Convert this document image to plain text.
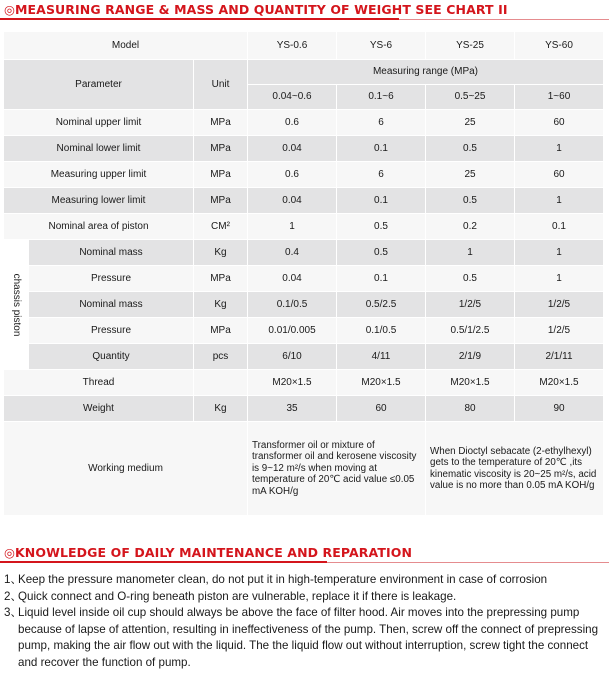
◎MEASURING RANGE & MASS AND QUANTITY OF WEIGHT SEE CHART II
Model			YS-0.6	YS-6	YS-25	YS-60
Parameter		Unit	Measuring range (MPa)			
			0.04~0.6	0.1~6	0.5~25	1~60
Nominal upper limit		MPa	0.6	6	25	60
Nominal lower limit		MPa	0.04	0.1	0.5	1
Measuring upper limit		MPa	0.6	6	25	60
Measuring lower limit		MPa	0.04	0.1	0.5	1
Nominal area of piston		CM²	1	0.5	0.2	0.1

chassis piston	Nominal mass	Kg	0.4	0.5	1	1
	Pressure	MPa	0.04	0.1	0.5	1
	Nominal mass	Kg	0.1/0.5	0.5/2.5	1/2/5	1/2/5
	Pressure	MPa	0.01/0.005	0.1/0.5	0.5/1/2.5	1/2/5
	Quantity	pcs	6/10	4/11	2/1/9	2/1/11
Thread			M20×1.5	M20×1.5	M20×1.5	M20×1.5
Weight		Kg	35	60	80	90
Working medium			Transformer oil or mixture of transformer oil and kerosene viscosity is 9~12 m²/s when moving at temperature of 20℃ acid value ≤0.05 mA KOH/g		When Dioctyl sebacate (2-ethylhexyl) gets to the temperature of 20℃ ,its kinematic viscosity is 20~25 m²/s, acid value is no more than 0.05 mA KOH/g	
◎KNOWLEDGE OF DAILY MAINTENANCE AND REPARATION
1、
Keep the pressure manometer clean, do not put it in high-temperature environment in case of corrosion
2、
Quick connect and O-ring beneath piston are vulnerable, replace it if there is leakage.
3、
Liquid level inside oil cup should always be above the face of filter hood. Air moves into the prepressing pump because of lapse of attention, resulting in ineffectiveness of the pump. Then, screw off the connect of prepressing pump, making the air flow out with the liquid. The the liquid flow out without interruption, screw tight the connect and recover the function of pump.
